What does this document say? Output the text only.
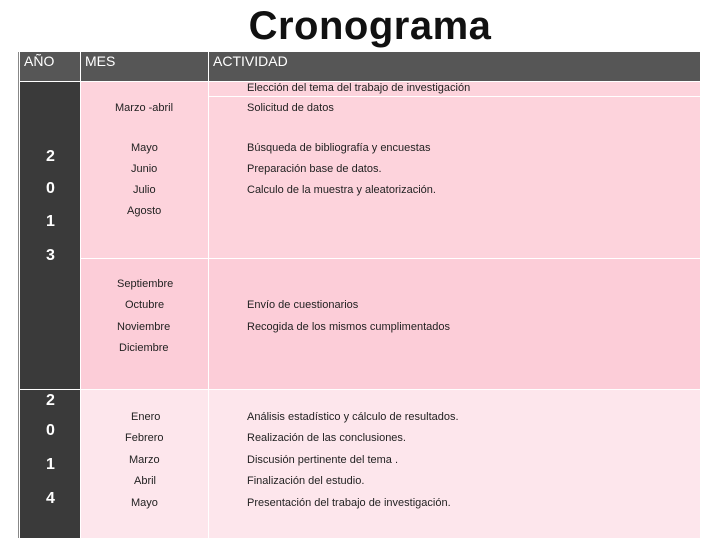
Cronograma
AÑO	MES	ACTIVIDAD
2
0
1
3
2
0
1
4
Elección del tema del trabajo de investigación
Marzo -abril	Solicitud de datos
Mayo	Búsqueda de bibliografía y encuestas
Junio	Preparación base de datos.
Julio	Calculo de la muestra y aleatorización.
Agosto
Septiembre
Octubre	Envío de cuestionarios
Noviembre	Recogida de los mismos cumplimentados
Diciembre
Enero	Análisis estadístico y cálculo de resultados.
Febrero	Realización de las conclusiones.
Marzo	Discusión pertinente del tema .
Abril	Finalización del estudio.
Mayo	Presentación del trabajo de investigación.
